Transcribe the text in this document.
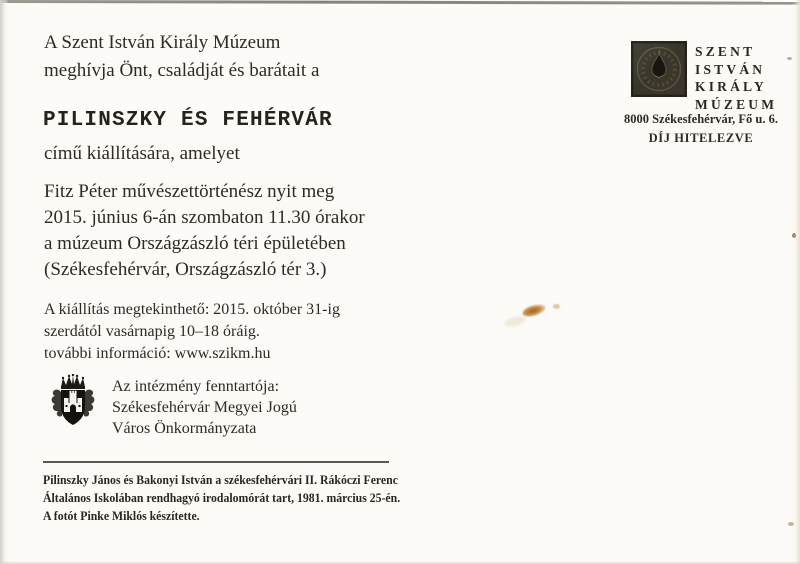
A Szent István Király Múzeum
meghívja Önt, családját és barátait a
PILINSZKY ÉS FEHÉRVÁR
című kiállítására, amelyet
Fitz Péter művészettörténész nyit meg
2015. június 6-án szombaton 11.30 órakor
a múzeum Országzászló téri épületében
(Székesfehérvár, Országzászló tér 3.)
A kiállítás megtekinthető: 2015. október 31-ig
szerdától vasárnapig 10–18 óráig.
további információ: www.szikm.hu
Az intézmény fenntartója:
Székesfehérvár Megyei Jogú
Város Önkormányzata
Pilinszky János és Bakonyi István a székesfehérvári II. Rákóczi Ferenc
Általános Iskolában rendhagyó irodalomórát tart, 1981. március 25-én.
A fotót Pinke Miklós készítette.
SZENT
ISTVÁN
KIRÁLY
MÚZEUM
8000 Székesfehérvár, Fő u. 6.
DÍJ HITELEZVE
